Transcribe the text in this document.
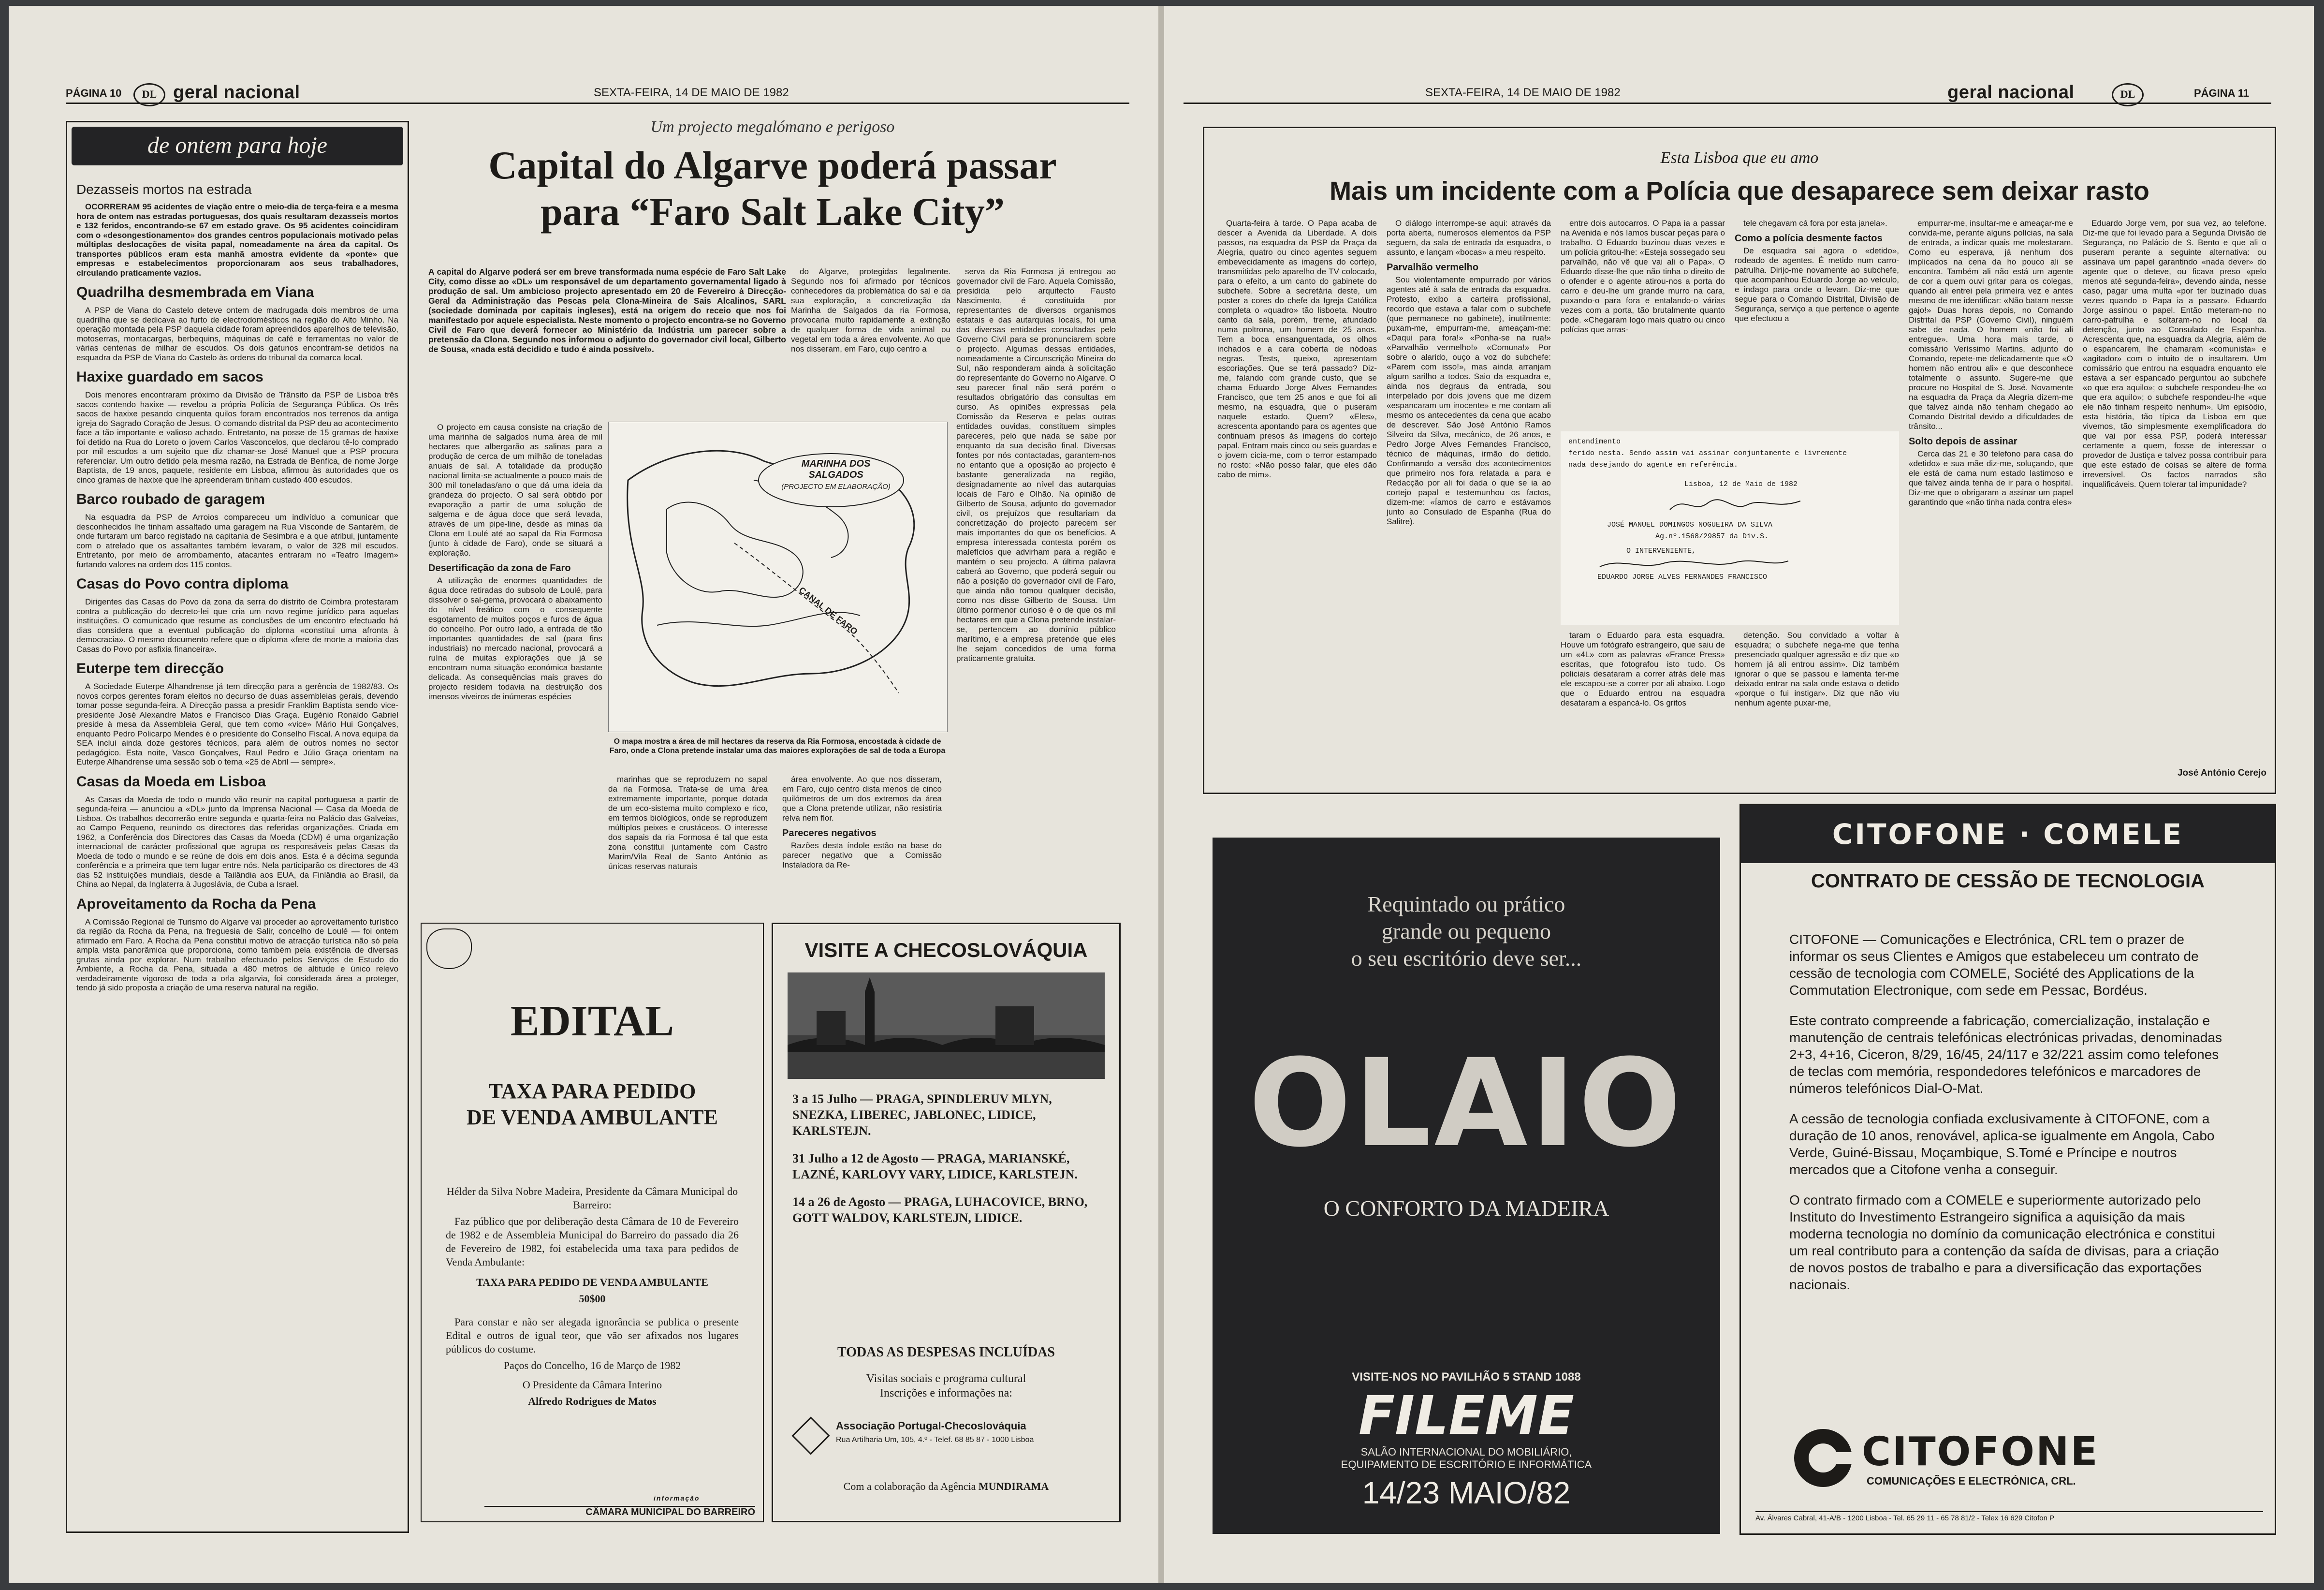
PÁGINA 10	DL geral nacional	SEXTA-FEIRA, 14 DE MAIO DE 1982
de ontem para hoje
Dezasseis mortos na estrada

OCORRERAM 95 acidentes de viação entre o meio-dia de terça-feira e a mesma hora de ontem nas estradas portuguesas, dos quais resultaram dezasseis mortos e 132 feridos, encontrando-se 67 em estado grave. Os 95 acidentes coincidiram com o «desongestionamento» dos grandes centros populacionais motivado pelas múltiplas deslocações de visita papal, nomeadamente na área da capital. Os transportes públicos eram esta manhã amostra evidente da «ponte» que empresas e estabelecimentos proporcionaram aos seus trabalhadores, circulando praticamente vazios.

Quadrilha desmembrada em Viana

A PSP de Viana do Castelo deteve ontem de madrugada dois membros de uma quadrilha que se dedicava ao furto de electrodomésticos na região do Alto Minho. Na operação montada pela PSP daquela cidade foram apreendidos aparelhos de televisão, motoserras, montacargas, berbequins, máquinas de café e ferramentas no valor de várias centenas de milhar de escudos. Os dois gatunos encontram-se detidos na esquadra da PSP de Viana do Castelo às ordens do tribunal da comarca local.

Haxixe guardado em sacos

Dois menores encontraram próximo da Divisão de Trânsito da PSP de Lisboa três sacos contendo haxixe — revelou a própria Polícia de Segurança Pública. Os três sacos de haxixe pesando cinquenta quilos foram encontrados nos terrenos da antiga igreja do Sagrado Coração de Jesus. O comando distrital da PSP deu ao acontecimento face a tão importante e valioso achado. Entretanto, na posse de 15 gramas de haxixe foi detido na Rua do Loreto o jovem Carlos Vasconcelos, que declarou tê-lo comprado por mil escudos a um sujeito que diz chamar-se José Manuel que a PSP procura referenciar. Um outro detido pela mesma razão, na Estrada de Benfica, de nome Jorge Baptista, de 19 anos, paquete, residente em Lisboa, afirmou às autoridades que os cinco gramas de haxixe que lhe apreenderam tinham custado 400 escudos.

Barco roubado de garagem

Na esquadra da PSP de Arroios compareceu um indivíduo a comunicar que desconhecidos lhe tinham assaltado uma garagem na Rua Visconde de Santarém, de onde furtaram um barco registado na capitania de Sesimbra e a que atribui, juntamente com o atrelado que os assaltantes também levaram, o valor de 328 mil escudos. Entretanto, por meio de arrombamento, atacantes entraram no «Teatro Imagem» furtando valores na ordem dos 115 contos.

Casas do Povo contra diploma

Dirigentes das Casas do Povo da zona da serra do distrito de Coimbra protestaram contra a publicação do decreto-lei que cria um novo regime jurídico para aquelas instituições. O comunicado que resume as conclusões de um encontro efectuado há dias considera que a eventual publicação do diploma «constitui uma afronta à democracia». O mesmo documento refere que o diploma «fere de morte a maioria das Casas do Povo por asfixia financeira».

Euterpe tem direcção

A Sociedade Euterpe Alhandrense já tem direcção para a gerência de 1982/83. Os novos corpos gerentes foram eleitos no decurso de duas assembleias gerais, devendo tomar posse segunda-feira. A Direcção passa a presidir Franklim Baptista sendo vice-presidente José Alexandre Matos e Francisco Dias Graça. Eugénio Ronaldo Gabriel preside à mesa da Assembleia Geral, que tem como «vice» Mário Hui Gonçalves, enquanto Pedro Policarpo Mendes é o presidente do Conselho Fiscal. A nova equipa da SEA inclui ainda doze gestores técnicos, para além de outros nomes no sector pedagógico. Esta noite, Vasco Gonçalves, Raul Pedro e Júlio Graça orientam na Euterpe Alhandrense uma sessão sob o tema «25 de Abril — sempre».

Casas da Moeda em Lisboa

As Casas da Moeda de todo o mundo vão reunir na capital portuguesa a partir de segunda-feira — anunciou a «DL» junto da Imprensa Nacional — Casa da Moeda de Lisboa. Os trabalhos decorrerão entre segunda e quarta-feira no Palácio das Galveias, ao Campo Pequeno, reunindo os directores das referidas organizações. Criada em 1962, a Conferência dos Directores das Casas da Moeda (CDM) é uma organização internacional de carácter profissional que agrupa os responsáveis pelas Casas da Moeda de todo o mundo e se reúne de dois em dois anos. Esta é a décima segunda conferência e a primeira que tem lugar entre nós. Nela participarão os directores de 43 das 52 instituições mundiais, desde a Tailândia aos EUA, da Finlândia ao Brasil, da China ao Nepal, da Inglaterra à Jugoslávia, de Cuba a Israel.

Aproveitamento da Rocha da Pena

A Comissão Regional de Turismo do Algarve vai proceder ao aproveitamento turístico da região da Rocha da Pena, na freguesia de Salir, concelho de Loulé — foi ontem afirmado em Faro. A Rocha da Pena constitui motivo de atracção turística não só pela ampla vista panorâmica que proporciona, como também pela existência de diversas grutas ainda por explorar. Num trabalho efectuado pelos Serviços de Estudo do Ambiente, a Rocha da Pena, situada a 480 metros de altitude e único relevo verdadeiramente vigoroso de toda a orla algarvia, foi considerada área a proteger, tendo já sido proposta a criação de uma reserva natural na região.

Um projecto megalómano e perigoso
Capital do Algarve poderá passar
para “Faro Salt Lake City”
A capital do Algarve poderá ser em breve transformada numa espécie de Faro Salt Lake City, como disse ao «DL» um responsável de um departamento governamental ligado à produção de sal. Um ambicioso projecto apresentado em 20 de Fevereiro à Direcção-Geral da Administração das Pescas pela Clona-Mineira de Sais Alcalinos, SARL (sociedade dominada por capitais ingleses), está na origem do receio que nos foi manifestado por aquele especialista. Neste momento o projecto encontra-se no Governo Civil de Faro que deverá fornecer ao Ministério da Indústria um parecer sobre a pretensão da Clona. Segundo nos informou o adjunto do governador civil local, Gilberto de Sousa, «nada está decidido e tudo é ainda possível».

O projecto em causa consiste na criação de uma marinha de salgados numa área de mil hectares que albergarão as salinas para a produção de cerca de um milhão de toneladas anuais de sal. A totalidade da produção nacional limita-se actualmente a pouco mais de 300 mil toneladas/ano o que dá uma ideia da grandeza do projecto. O sal será obtido por evaporação a partir de uma solução de salgema e de água doce que será levada, através de um pipe-line, desde as minas da Clona em Loulé até ao sapal da Ria Formosa (junto à cidade de Faro), onde se situará a exploração.

Desertificação da zona de Faro

A utilização de enormes quantidades de água doce retiradas do subsolo de Loulé, para dissolver o sal-gema, provocará o abaixamento do nível freático com o consequente esgotamento de muitos poços e furos de água do concelho. Por outro lado, a entrada de tão importantes quantidades de sal (para fins industriais) no mercado nacional, provocará a ruína de muitas explorações que já se encontram numa situação económica bastante delicada. As consequências mais graves do projecto residem todavia na destruição dos imensos viveiros de inúmeras espécies

do Algarve, protegidas legalmente. Segundo nos foi afirmado por técnicos conhecedores da problemática do sal e da sua exploração, a concretização da Marinha de Salgados da ria Formosa, provocaria muito rapidamente a extinção de qualquer forma de vida animal ou vegetal em toda a área envolvente. Ao que nos disseram, em Faro, cujo centro a

MARINHA DOS SALGADOS
(PROJECTO EM ELABORAÇÃO)
CANAL DE FARO
O mapa mostra a área de mil hectares da reserva da Ria Formosa, encostada à cidade de Faro, onde a Clona pretende instalar uma das maiores explorações de sal de toda a Europa

marinhas que se reproduzem no sapal da ria Formosa. Trata-se de uma área extremamente importante, porque dotada de um eco-sistema muito complexo e rico, em termos biológicos, onde se reproduzem múltiplos peixes e crustáceos. O interesse dos sapais da ria Formosa é tal que esta zona constitui juntamente com Castro Marim/Vila Real de Santo António as únicas reservas naturais

área envolvente. Ao que nos disseram, em Faro, cujo centro dista menos de cinco quilómetros de um dos extremos da área que a Clona pretende utilizar, não resistiria relva nem flor.

Pareceres negativos

Razões desta índole estão na base do parecer negativo que a Comissão Instaladora da Re-

serva da Ria Formosa já entregou ao governador civil de Faro. Aquela Comissão, presidida pelo arquitecto Fausto Nascimento, é constituída por representantes de diversos organismos estatais e das autarquias locais, foi uma das diversas entidades consultadas pelo Governo Civil para se pronunciarem sobre o projecto. Algumas dessas entidades, nomeadamente a Circunscrição Mineira do Sul, não responderam ainda à solicitação do representante do Governo no Algarve. O seu parecer final não será porém o resultados obrigatório das consultas em curso. As opiniões expressas pela Comissão da Reserva e pelas outras entidades ouvidas, constituem simples pareceres, pelo que nada se sabe por enquanto da sua decisão final. Diversas fontes por nós contactadas, garantem-nos no entanto que a oposição ao projecto é bastante generalizada na região, designadamente ao nível das autarquias locais de Faro e Olhão. Na opinião de Gilberto de Sousa, adjunto do governador civil, os prejuízos que resultariam da concretização do projecto parecem ser mais importantes do que os benefícios. A empresa interessada contesta porém os malefícios que advirham para a região e mantém o seu projecto. A última palavra caberá ao Governo, que poderá seguir ou não a posição do governador civil de Faro, que ainda não tomou qualquer decisão, como nos disse Gilberto de Sousa. Um último pormenor curioso é o de que os mil hectares em que a Clona pretende instalar-se, pertencem ao domínio público marítimo, e a empresa pretende que eles lhe sejam concedidos de uma forma praticamente gratuita.

EDITAL
TAXA PARA PEDIDO
DE VENDA AMBULANTE

Hélder da Silva Nobre Madeira, Presidente da Câmara Municipal do Barreiro:

Faz público que por deliberação desta Câmara de 10 de Fevereiro de 1982 e de Assembleia Municipal do Barreiro do passado dia 26 de Fevereiro de 1982, foi estabelecida uma taxa para pedidos de Venda Ambulante:

TAXA PARA PEDIDO DE VENDA AMBULANTE

50$00

Para constar e não ser alegada ignorância se publica o presente Edital e outros de igual teor, que vão ser afixados nos lugares públicos do costume.

Paços do Concelho, 16 de Março de 1982

O Presidente da Câmara Interino

Alfredo Rodrigues de Matos

informação
CÂMARA MUNICIPAL DO BARREIRO
VISITE A CHECOSLOVÁQUIA

3 a 15 Julho — PRAGA, SPINDLERUV MLYN, SNEZKA, LIBEREC, JABLONEC, LIDICE, KARLSTEJN.

31 Julho a 12 de Agosto — PRAGA, MARIANSKÉ, LAZNÉ, KARLOVY VARY, LIDICE, KARLSTEJN.

14 a 26 de Agosto — PRAGA, LUHACOVICE, BRNO, GOTT WALDOV, KARLSTEJN, LIDICE.

TODAS AS DESPESAS INCLUÍDAS
Visitas sociais e programa cultural
Inscrições e informações na:
Associação Portugal-Checoslováquia
Rua Artilharia Um, 105, 4.º - Telef. 68 85 87 - 1000 Lisboa
Com a colaboração da Agência MUNDIRAMA
SEXTA-FEIRA, 14 DE MAIO DE 1982	geral nacional	DL	PÁGINA 11
Esta Lisboa que eu amo
Mais um incidente com a Polícia que desaparece sem deixar rasto

Quarta-feira à tarde. O Papa acaba de descer a Avenida da Liberdade. A dois passos, na esquadra da PSP da Praça da Alegria, quatro ou cinco agentes seguem embevecidamente as imagens do cortejo, transmitidas pelo aparelho de TV colocado, para o efeito, a um canto do gabinete do subchefe. Sobre a secretária deste, um poster a cores do chefe da Igreja Católica completa o «quadro» tão lisboeta. Noutro canto da sala, porém, treme, afundado numa poltrona, um homem de 25 anos. Tem a boca ensanguentada, os olhos inchados e a cara coberta de nódoas negras. Tests, queixo, apresentam escoriações. Que se terá passado? Diz-me, falando com grande custo, que se chama Eduardo Jorge Alves Fernandes Francisco, que tem 25 anos e que foi ali mesmo, na esquadra, que o puseram naquele estado. Quem? «Eles», acrescenta apontando para os agentes que continuam presos às imagens do cortejo papal. Entram mais cinco ou seis guardas e o jovem cicia-me, com o terror estampado no rosto: «Não posso falar, que eles dão cabo de mim».

O diálogo interrompe-se aqui: através da porta aberta, numerosos elementos da PSP seguem, da sala de entrada da esquadra, o assunto, e lançam «bocas» a meu respeito.

Parvalhão vermelho

Sou violentamente empurrado por vários agentes até à sala de entrada da esquadra. Protesto, exibo a carteira profissional, recordo que estava a falar com o subchefe (que permanece no gabinete), inutilmente: puxam-me, empurram-me, ameaçam-me: «Daqui para fora!» «Ponha-se na rua!» «Parvalhão vermelho!» «Comuna!» Por sobre o alarido, ouço a voz do subchefe: «Parem com isso!», mas ainda arranjam algum sarilho a todos. Saio da esquadra e, ainda nos degraus da entrada, sou interpelado por dois jovens que me dizem «espancaram um inocente» e me contam ali mesmo os antecedentes da cena que acabo de descrever. São José António Ramos Silveiro da Silva, mecânico, de 26 anos, e Pedro Jorge Alves Fernandes Francisco, técnico de máquinas, irmão do detido. Confirmando a versão dos acontecimentos que primeiro nos fora relatada a para e Redacção por ali foi dada o que se ia ao cortejo papal e testemunhou os factos, dizem-me: «Íamos de carro e estávamos junto ao Consulado de Espanha (Rua do Salitre).

entre dois autocarros. O Papa ia a passar na Avenida e nós íamos buscar peças para o trabalho. O Eduardo buzinou duas vezes e um polícia gritou-lhe: «Esteja sossegado seu parvalhão, não vê que vai ali o Papa». O Eduardo disse-lhe que não tinha o direito de o ofender e o agente atirou-nos a porta do carro e deu-lhe um grande murro na cara, puxando-o para fora e entalando-o várias vezes com a porta, tão brutalmente quanto pode. «Chegaram logo mais quatro ou cinco polícias que arras-

tele chegavam cá fora por esta janela».

Como a polícia desmente factos

De esquadra sai agora o «detido», rodeado de agentes. É metido num carro-patrulha. Dirijo-me novamente ao subchefe, que acompanhou Eduardo Jorge ao veículo, e indago para onde o levam. Diz-me que segue para o Comando Distrital, Divisão de Segurança, serviço a que pertence o agente que efectuou a

entendimento
ferido nesta. Sendo assim vai assinar conjuntamente e livremente
nada desejando do agente em referência.
Lisboa, 12 de Maio de 1982
JOSÉ MANUEL DOMINGOS NOGUEIRA DA SILVA
Ag.nº.1568/29857 da Div.S.
O INTERVENIENTE,
EDUARDO JORGE ALVES FERNANDES FRANCISCO

taram o Eduardo para esta esquadra. Houve um fotógrafo estrangeiro, que saiu de um «4L» com as palavras «France Press» escritas, que fotografou isto tudo. Os policiais desataram a correr atrás dele mas ele escapou-se a correr por ali abaixo. Logo que o Eduardo entrou na esquadra desataram a espancá-lo. Os gritos

detenção. Sou convidado a voltar à esquadra; o subchefe nega-me que tenha presenciado qualquer agressão e diz que «o homem já ali entrou assim». Diz também ignorar o que se passou e lamenta ter-me deixado entrar na sala onde estava o detido «porque o fui instigar». Diz que não viu nenhum agente puxar-me,

empurrar-me, insultar-me e ameaçar-me e convida-me, perante alguns polícias, na sala de entrada, a indicar quais me molestaram. Como eu esperava, já nenhum dos implicados na cena da ho pouco ali se encontra. Também ali não está um agente de cor a quem ouvi gritar para os colegas, quando ali entrei pela primeira vez e antes mesmo de me identificar: «Não batam nesse gajo!» Duas horas depois, no Comando Distrital da PSP (Governo Civil), ninguém sabe de nada. O homem «não foi ali entregue». Uma hora mais tarde, o comissário Veríssimo Martins, adjunto do Comando, repete-me delicadamente que «O homem não entrou ali» e que desconhece totalmente o assunto. Sugere-me que procure no Hospital de S. José. Novamente na esquadra da Praça da Alegria dizem-me que talvez ainda não tenham chegado ao Comando Distrital devido a dificuldades de trânsito...

Solto depois de assinar

Cerca das 21 e 30 telefono para casa do «detido» e sua mãe diz-me, soluçando, que ele está de cama num estado lastimoso e que talvez ainda tenha de ir para o hospital. Diz-me que o obrigaram a assinar um papel garantindo que «não tinha nada contra eles»

Eduardo Jorge vem, por sua vez, ao telefone. Diz-me que foi levado para a Segunda Divisão de Segurança, no Palácio de S. Bento e que ali o puseram perante a seguinte alternativa: ou assinava um papel garantindo «nada dever» do agente que o deteve, ou ficava preso «pelo menos até segunda-feira», devendo ainda, nesse caso, pagar uma multa «por ter buzinado duas vezes quando o Papa ia a passar». Eduardo Jorge assinou o papel. Então meteram-no no carro-patrulha e soltaram-no no local da detenção, junto ao Consulado de Espanha. Acrescenta que, na esquadra da Alegria, além de o espancarem, lhe chamaram «comunista» e «agitador» com o intuito de o insultarem. Um comissário que entrou na esquadra enquanto ele estava a ser espancado perguntou ao subchefe «o que era aquilo»; o subchefe respondeu-lhe «o que era aquilo»; o subchefe respondeu-lhe «que ele não tinham respeito nenhum». Um episódio, esta história, tão típica da Lisboa em que vivemos, tão simplesmente exemplificadora do que vai por essa PSP, poderá interessar certamente a quem, fosse de interessar o provedor de Justiça e talvez possa contribuir para que este estado de coisas se altere de forma irreversível. Os factos narrados são inqualificáveis. Quem tolerar tal impunidade?

José António Cerejo
Requintado ou prático
grande ou pequeno
o seu escritório deve ser...
OLAIO
O CONFORTO DA MADEIRA
VISITE-NOS NO PAVILHÃO 5 STAND 1088
FILEME
SALÃO INTERNACIONAL DO MOBILIÁRIO,
EQUIPAMENTO DE ESCRITÓRIO E INFORMÁTICA
14/23 MAIO/82
CITOFONE · COMELE
CONTRATO DE CESSÃO DE TECNOLOGIA

CITOFONE — Comunicações e Electrónica, CRL tem o prazer de informar os seus Clientes e Amigos que estabeleceu um contrato de cessão de tecnologia com COMELE, Société des Applications de la Commutation Electronique, com sede em Pessac, Bordéus.

Este contrato compreende a fabricação, comercialização, instalação e manutenção de centrais telefónicas electrónicas privadas, denominadas 2+3, 4+16, Ciceron, 8/29, 16/45, 24/117 e 32/221 assim como telefones de teclas com memória, respondedores telefónicos e marcadores de números telefónicos Dial-O-Mat.

A cessão de tecnologia confiada exclusivamente à CITOFONE, com a duração de 10 anos, renovável, aplica-se igualmente em Angola, Cabo Verde, Guiné-Bissau, Moçambique, S.Tomé e Príncipe e noutros mercados que a Citofone venha a conseguir.

O contrato firmado com a COMELE e superiormente autorizado pelo Instituto do Investimento Estrangeiro significa a aquisição da mais moderna tecnologia no domínio da comunicação electrónica e constitui um real contributo para a contenção da saída de divisas, para a criação de novos postos de trabalho e para a diversificação das exportações nacionais.

CITOFONE
COMUNICAÇÕES E ELECTRÓNICA, CRL.
Av. Álvares Cabral, 41-A/B - 1200 Lisboa - Tel. 65 29 11 - 65 78 81/2 - Telex 16 629 Citofon P
